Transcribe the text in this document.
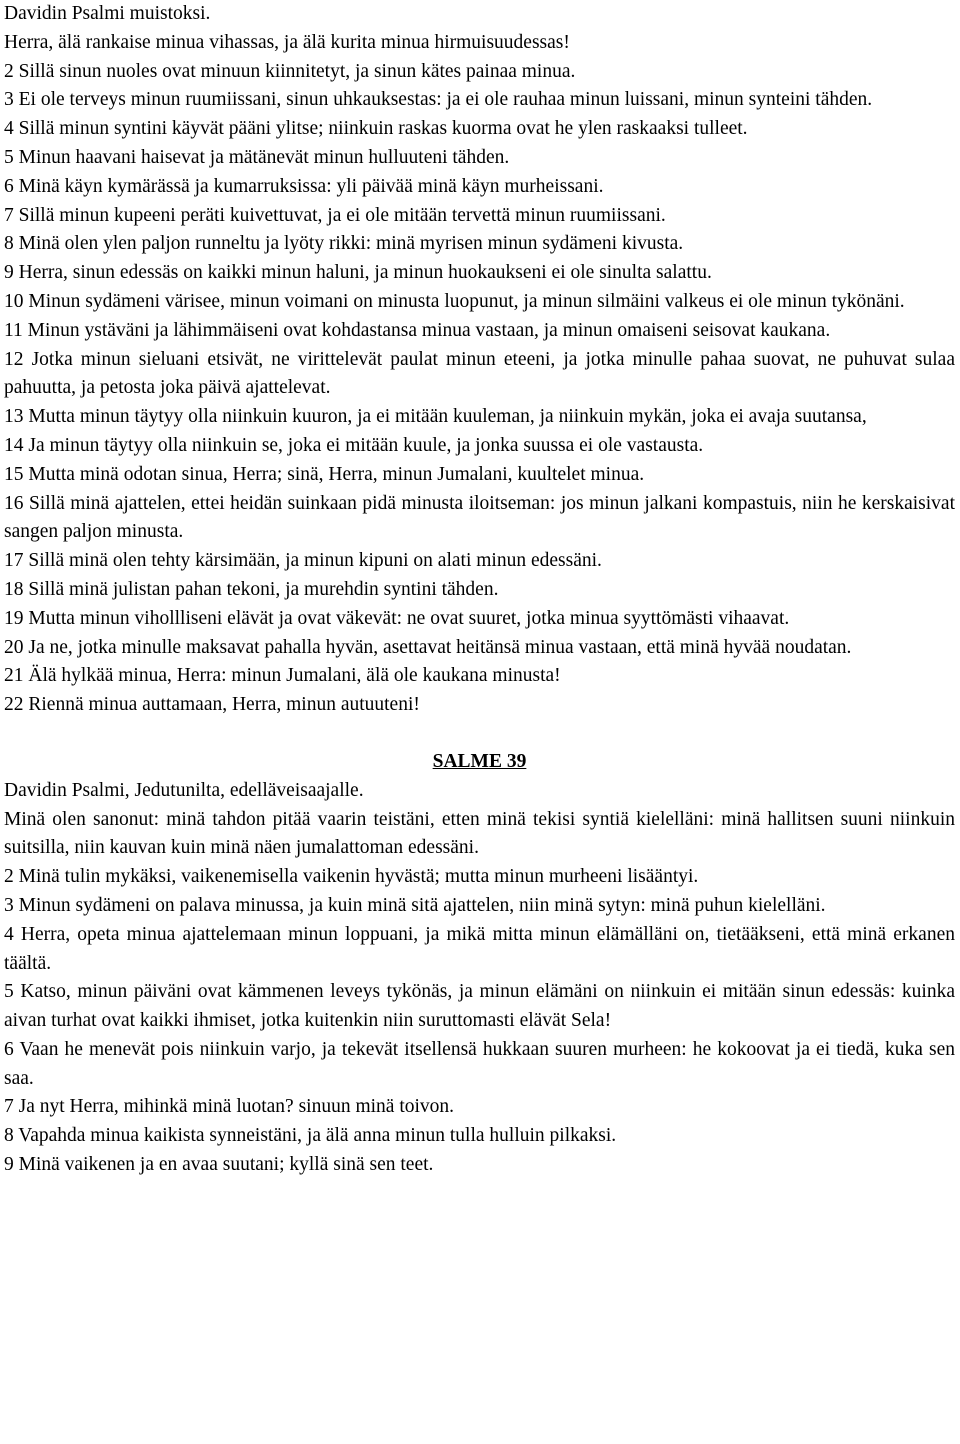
Davidin Psalmi muistoksi.

Herra, älä rankaise minua vihassas, ja älä kurita minua hirmuisuudessas!

2 Sillä sinun nuoles ovat minuun kiinnitetyt, ja sinun kätes painaa minua.

3 Ei ole terveys minun ruumiissani, sinun uhkauksestas: ja ei ole rauhaa minun luissani, minun synteini tähden.

4 Sillä minun syntini käyvät pääni ylitse; niinkuin raskas kuorma ovat he ylen raskaaksi tulleet.

5 Minun haavani haisevat ja mätänevät minun hulluuteni tähden.

6 Minä käyn kymärässä ja kumarruksissa: yli päivää minä käyn murheissani.

7 Sillä minun kupeeni peräti kuivettuvat, ja ei ole mitään tervettä minun ruumiissani.

8 Minä olen ylen paljon runneltu ja lyöty rikki: minä myrisen minun sydämeni kivusta.

9 Herra, sinun edessäs on kaikki minun haluni, ja minun huokaukseni ei ole sinulta salattu.

10 Minun sydämeni värisee, minun voimani on minusta luopunut, ja minun silmäini valkeus ei ole minun tykönäni.

11 Minun ystäväni ja lähimmäiseni ovat kohdastansa minua vastaan, ja minun omaiseni seisovat kaukana.

12 Jotka minun sieluani etsivät, ne virittelevät paulat minun eteeni, ja jotka minulle pahaa suovat, ne puhuvat sulaa pahuutta, ja petosta joka päivä ajattelevat.

13 Mutta minun täytyy olla niinkuin kuuron, ja ei mitään kuuleman, ja niinkuin mykän, joka ei avaja suutansa,

14 Ja minun täytyy olla niinkuin se, joka ei mitään kuule, ja jonka suussa ei ole vastausta.

15 Mutta minä odotan sinua, Herra; sinä, Herra, minun Jumalani, kuultelet minua.

16 Sillä minä ajattelen, ettei heidän suinkaan pidä minusta iloitseman: jos minun jalkani kompastuis, niin he kerskaisivat sangen paljon minusta.

17 Sillä minä olen tehty kärsimään, ja minun kipuni on alati minun edessäni.

18 Sillä minä julistan pahan tekoni, ja murehdin syntini tähden.

19 Mutta minun vihollliseni elävät ja ovat väkevät: ne ovat suuret, jotka minua syyttömästi vihaavat.

20 Ja ne, jotka minulle maksavat pahalla hyvän, asettavat heitänsä minua vastaan, että minä hyvää noudatan.

21 Älä hylkää minua, Herra: minun Jumalani, älä ole kaukana minusta!

22 Riennä minua auttamaan, Herra, minun autuuteni!

SALME 39

Davidin Psalmi, Jedutunilta, edelläveisaajalle.

Minä olen sanonut: minä tahdon pitää vaarin teistäni, etten minä tekisi syntiä kielelläni: minä hallitsen suuni niinkuin suitsilla, niin kauvan kuin minä näen jumalattoman edessäni.

2 Minä tulin mykäksi, vaikenemisella vaikenin hyvästä; mutta minun murheeni lisääntyi.

3 Minun sydämeni on palava minussa, ja kuin minä sitä ajattelen, niin minä sytyn: minä puhun kielelläni.

4 Herra, opeta minua ajattelemaan minun loppuani, ja mikä mitta minun elämälläni on, tietääkseni, että minä erkanen täältä.

5 Katso, minun päiväni ovat kämmenen leveys tykönäs, ja minun elämäni on niinkuin ei mitään sinun edessäs: kuinka aivan turhat ovat kaikki ihmiset, jotka kuitenkin niin suruttomasti elävät Sela!

6 Vaan he menevät pois niinkuin varjo, ja tekevät itsellensä hukkaan suuren murheen: he kokoovat ja ei tiedä, kuka sen saa.

7 Ja nyt Herra, mihinkä minä luotan? sinuun minä toivon.

8 Vapahda minua kaikista synneistäni, ja älä anna minun tulla hulluin pilkaksi.

9 Minä vaikenen ja en avaa suutani; kyllä sinä sen teet.
